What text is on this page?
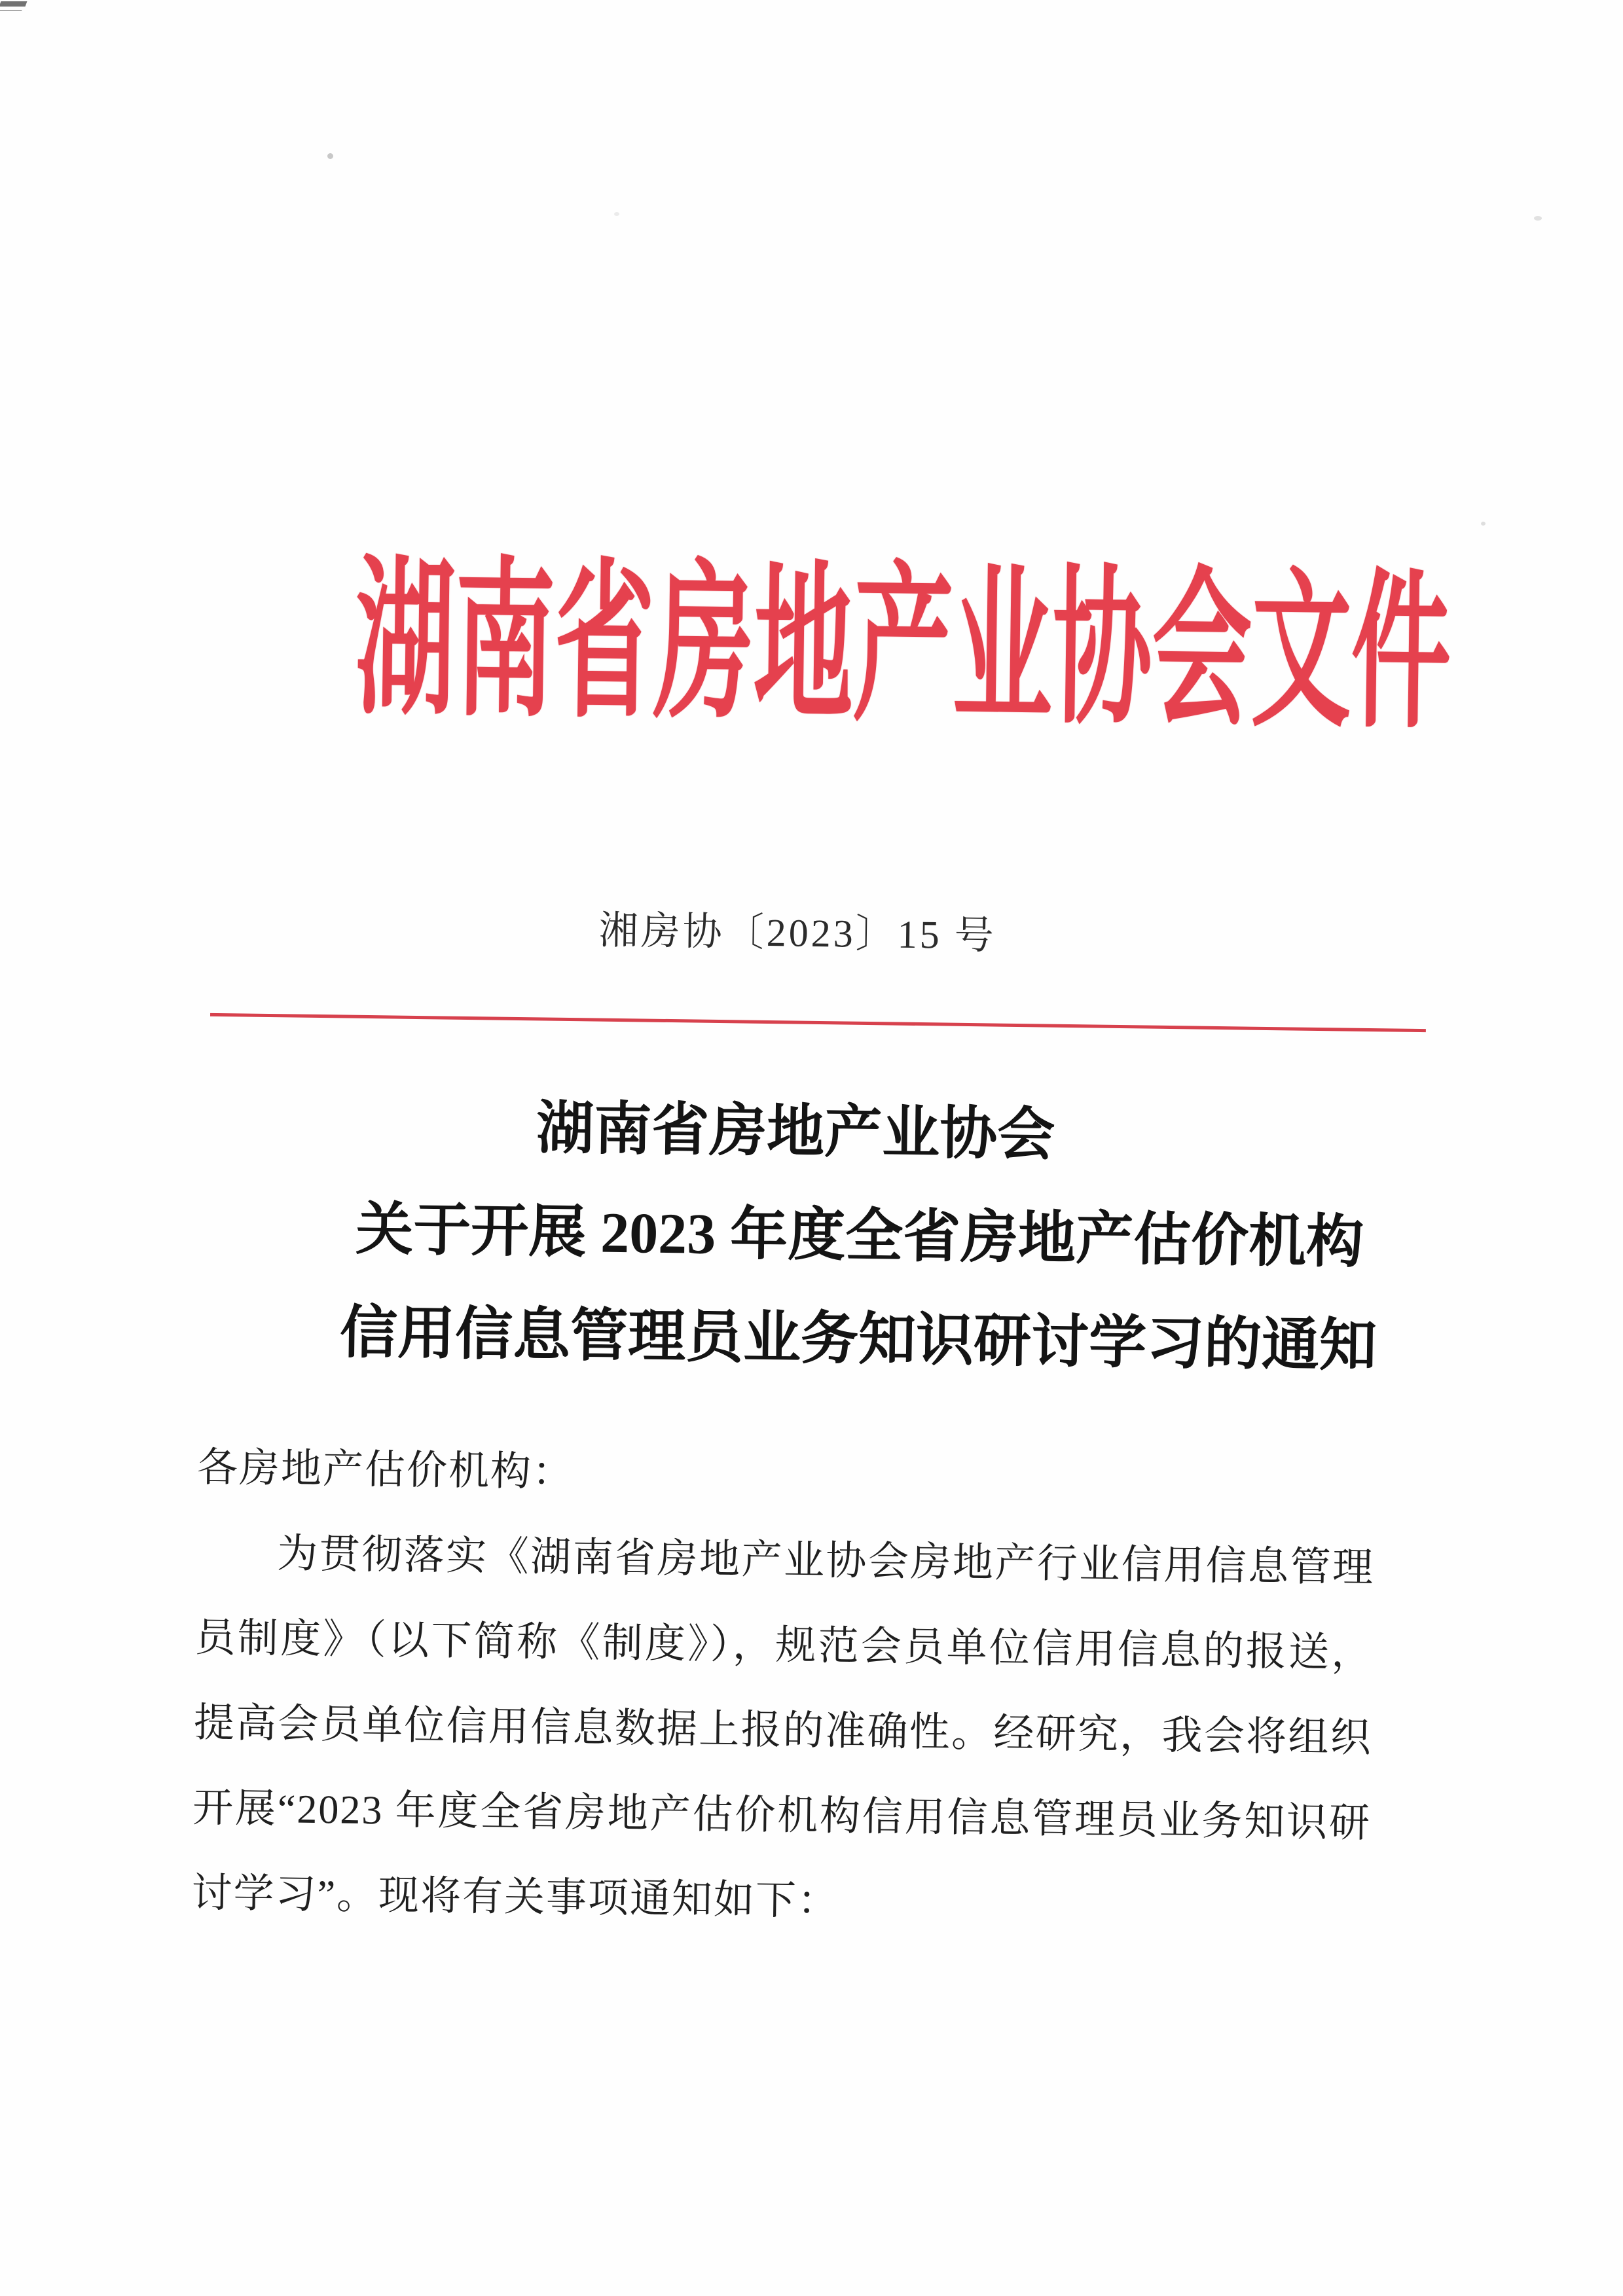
湖南省房地产业协会文件
湘房协〔2023〕15 号
湖南省房地产业协会
关于开展 2023 年度全省房地产估价机构
信用信息管理员业务知识研讨学习的通知
各房地产估价机构：
为贯彻落实《湖南省房地产业协会房地产行业信用信息管理
员制度》（以下简称《制度》），规范会员单位信用信息的报送，
提高会员单位信用信息数据上报的准确性。经研究，我会将组织
开展“2023 年度全省房地产估价机构信用信息管理员业务知识研
讨学习”。现将有关事项通知如下：
